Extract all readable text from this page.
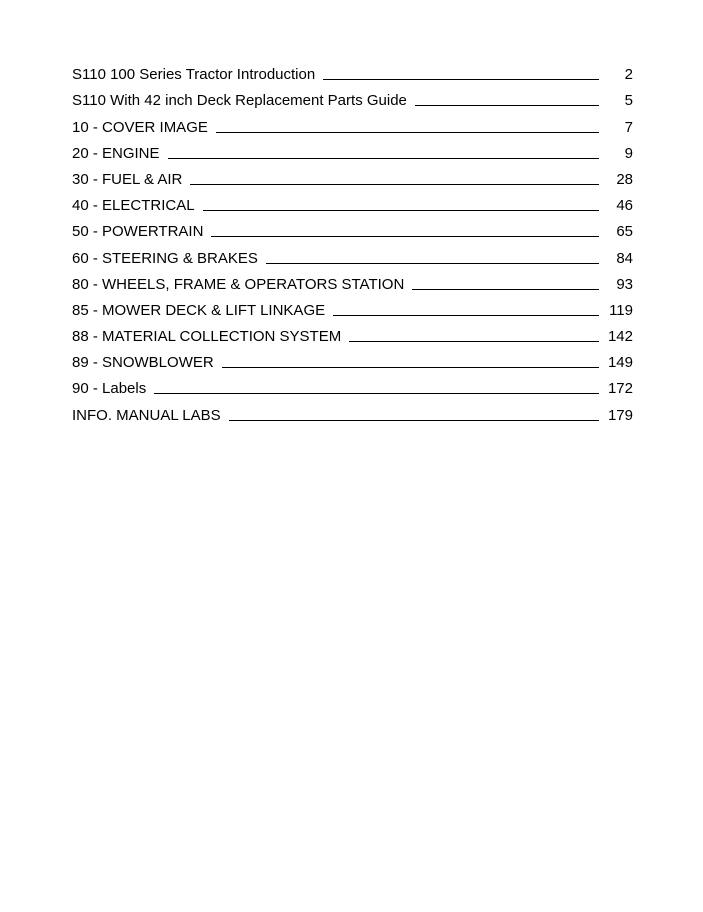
S110 100 Series Tractor Introduction	2
S110 With 42 inch Deck Replacement Parts Guide	5
10 - COVER IMAGE	7
20 - ENGINE	9
30 - FUEL & AIR	28
40 - ELECTRICAL	46
50 - POWERTRAIN	65
60 - STEERING & BRAKES	84
80 - WHEELS, FRAME & OPERATORS STATION	93
85 - MOWER DECK & LIFT LINKAGE	119
88 - MATERIAL COLLECTION SYSTEM	142
89 - SNOWBLOWER	149
90 - Labels	172
INFO. MANUAL LABS	179
